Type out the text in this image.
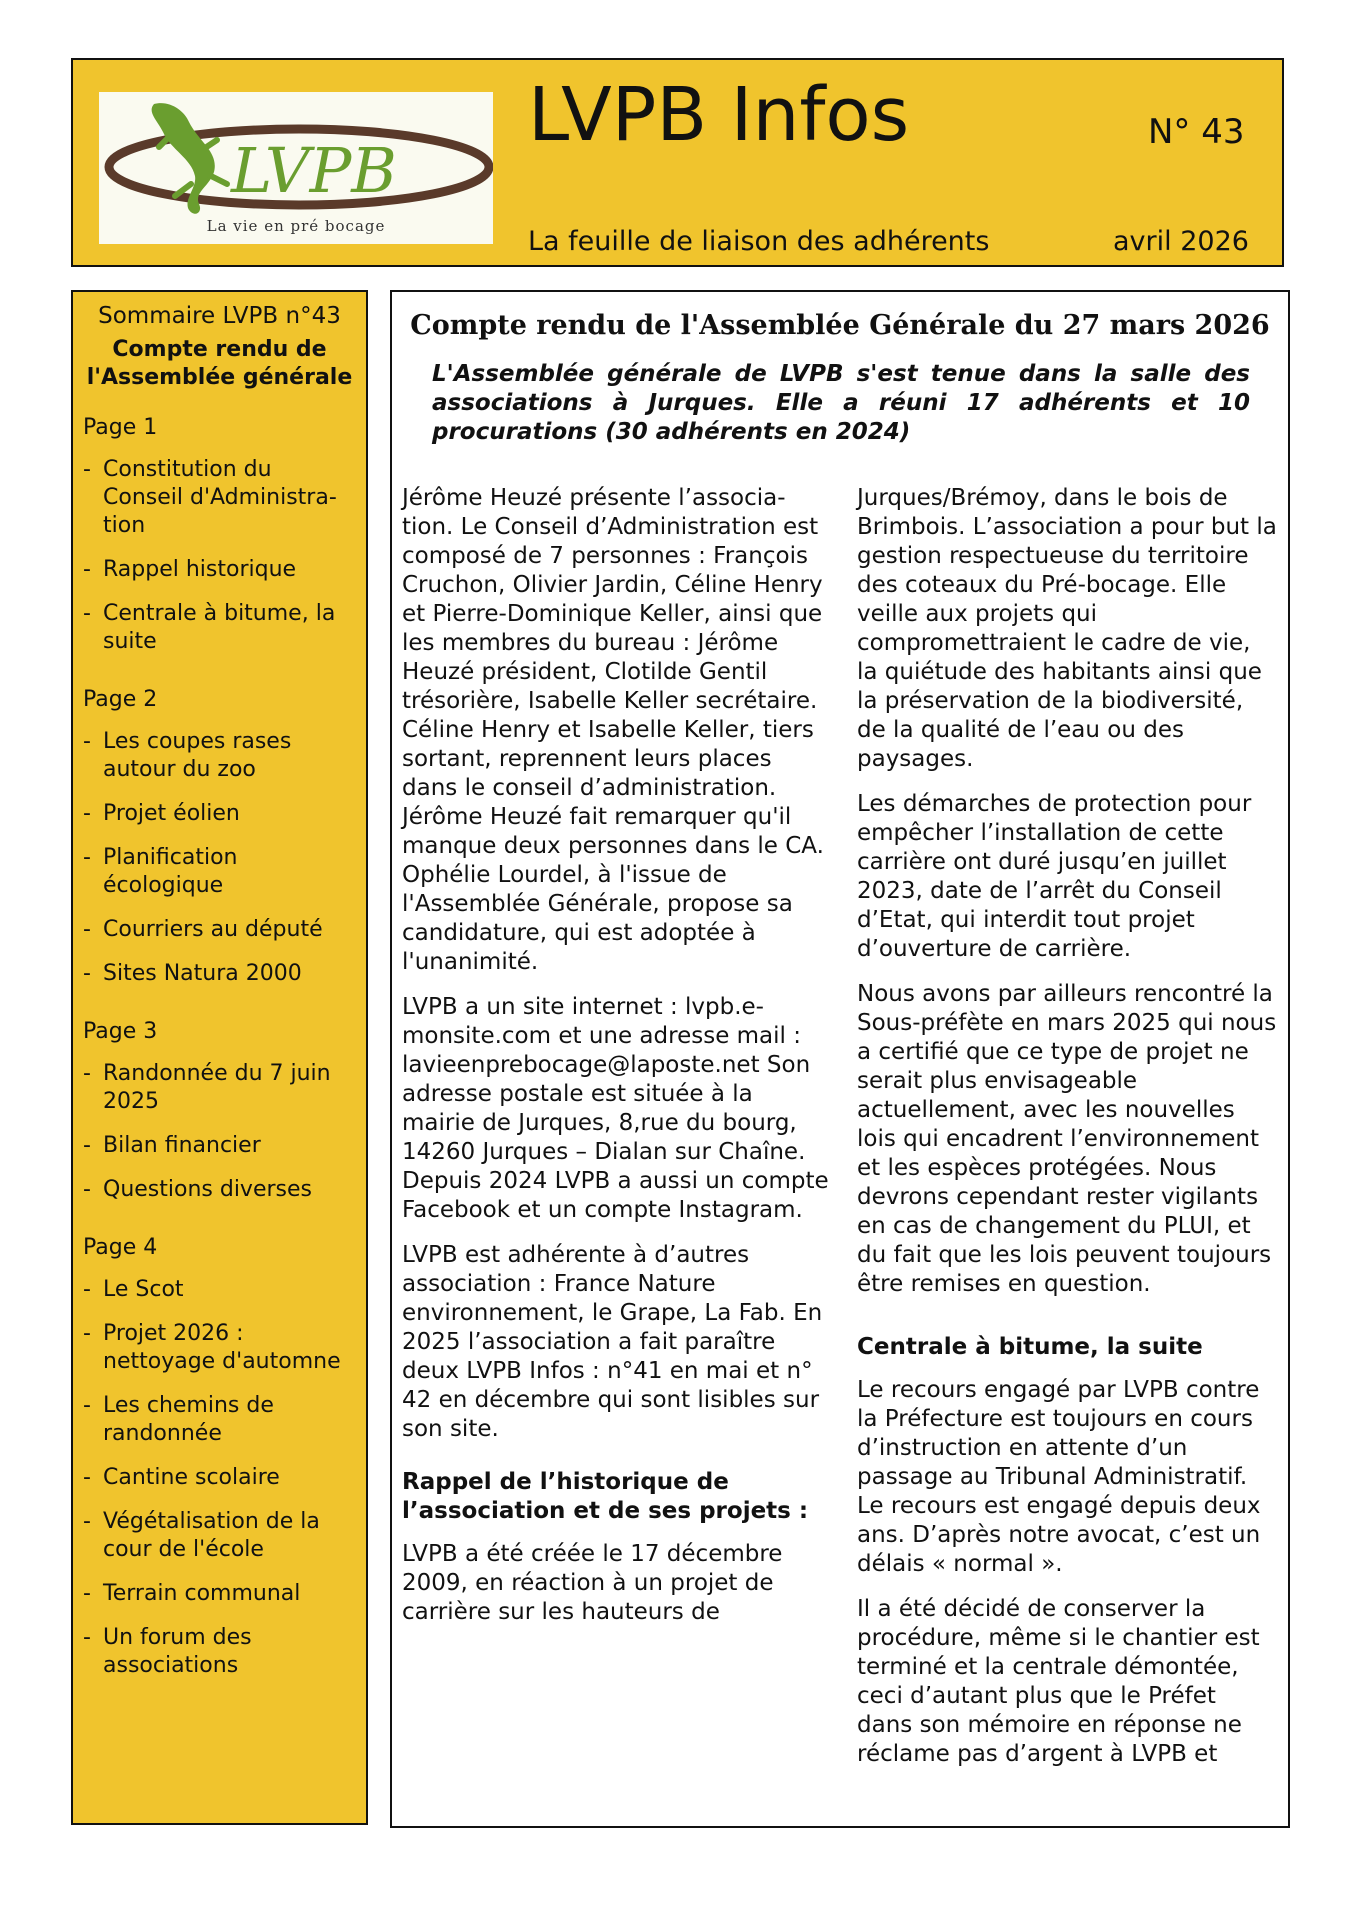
LVPB
La vie en pré bocage
LVPB Infos	N° 43
La feuille de liaison des adhérents	avril 2026
Sommaire LVPB n°43
Compte rendu de l'Assemblée générale
Page 1
- Constitution du Conseil d'Administra-tion
- Rappel historique
- Centrale à bitume, la suite
Page 2
- Les coupes rases autour du zoo
- Projet éolien
- Planification écologique
- Courriers au député
- Sites Natura 2000
Page 3
- Randonnée du 7 juin 2025
- Bilan financier
- Questions diverses
Page 4
- Le Scot
- Projet 2026 : nettoyage d'automne
- Les chemins de randonnée
- Cantine scolaire
- Végétalisation de la cour de l'école
- Terrain communal
- Un forum des associations
Compte rendu de l'Assemblée Générale du 27 mars 2026
L'Assemblée générale de LVPB s'est tenue dans la salle des associations à Jurques. Elle a réuni 17 adhérents et 10 procurations (30 adhérents en 2024)

Jérôme Heuzé présente l’associa-tion. Le Conseil d’Administration est composé de 7 personnes : François Cruchon, Olivier Jardin, Céline Henry et Pierre-Dominique Keller, ainsi que les membres du bureau : Jérôme Heuzé président, Clotilde Gentil trésorière, Isabelle Keller secrétaire. Céline Henry et Isabelle Keller, tiers sortant, reprennent leurs places dans le conseil d’administration. Jérôme Heuzé fait remarquer qu'il manque deux personnes dans le CA. Ophélie Lourdel, à l'issue de l'Assemblée Générale, propose sa candidature, qui est adoptée à l'unanimité.

LVPB a un site internet : lvpb.e-monsite.com et une adresse mail : lavieenprebocage@laposte.net Son adresse postale est située à la mairie de Jurques, 8,rue du bourg, 14260 Jurques – Dialan sur Chaîne. Depuis 2024 LVPB a aussi un compte Facebook et un compte Instagram.

LVPB est adhérente à d’autres association : France Nature environnement, le Grape, La Fab. En 2025 l’association a fait paraître deux LVPB Infos : n°41 en mai et n° 42 en décembre qui sont lisibles sur son site.

Rappel de l’historique de l’association et de ses projets :

LVPB a été créée le 17 décembre 2009, en réaction à un projet de carrière sur les hauteurs de

Jurques/Brémoy, dans le bois de Brimbois. L’association a pour but la gestion respectueuse du territoire des coteaux du Pré-bocage. Elle veille aux projets qui compromettraient le cadre de vie, la quiétude des habitants ainsi que la préservation de la biodiversité, de la qualité de l’eau ou des paysages.

Les démarches de protection pour empêcher l’installation de cette carrière ont duré jusqu’en juillet 2023, date de l’arrêt du Conseil d’Etat, qui interdit tout projet d’ouverture de carrière.

Nous avons par ailleurs rencontré la Sous-préfète en mars 2025 qui nous a certifié que ce type de projet ne serait plus envisageable actuellement, avec les nouvelles lois qui encadrent l’environnement et les espèces protégées. Nous devrons cependant rester vigilants en cas de changement du PLUI, et du fait que les lois peuvent toujours être remises en question.

Centrale à bitume, la suite

Le recours engagé par LVPB contre la Préfecture est toujours en cours d’instruction en attente d’un passage au Tribunal Administratif. Le recours est engagé depuis deux ans. D’après notre avocat, c’est un délais « normal ».

Il a été décidé de conserver la procédure, même si le chantier est terminé et la centrale démontée, ceci d’autant plus que le Préfet dans son mémoire en réponse ne réclame pas d’argent à LVPB et
